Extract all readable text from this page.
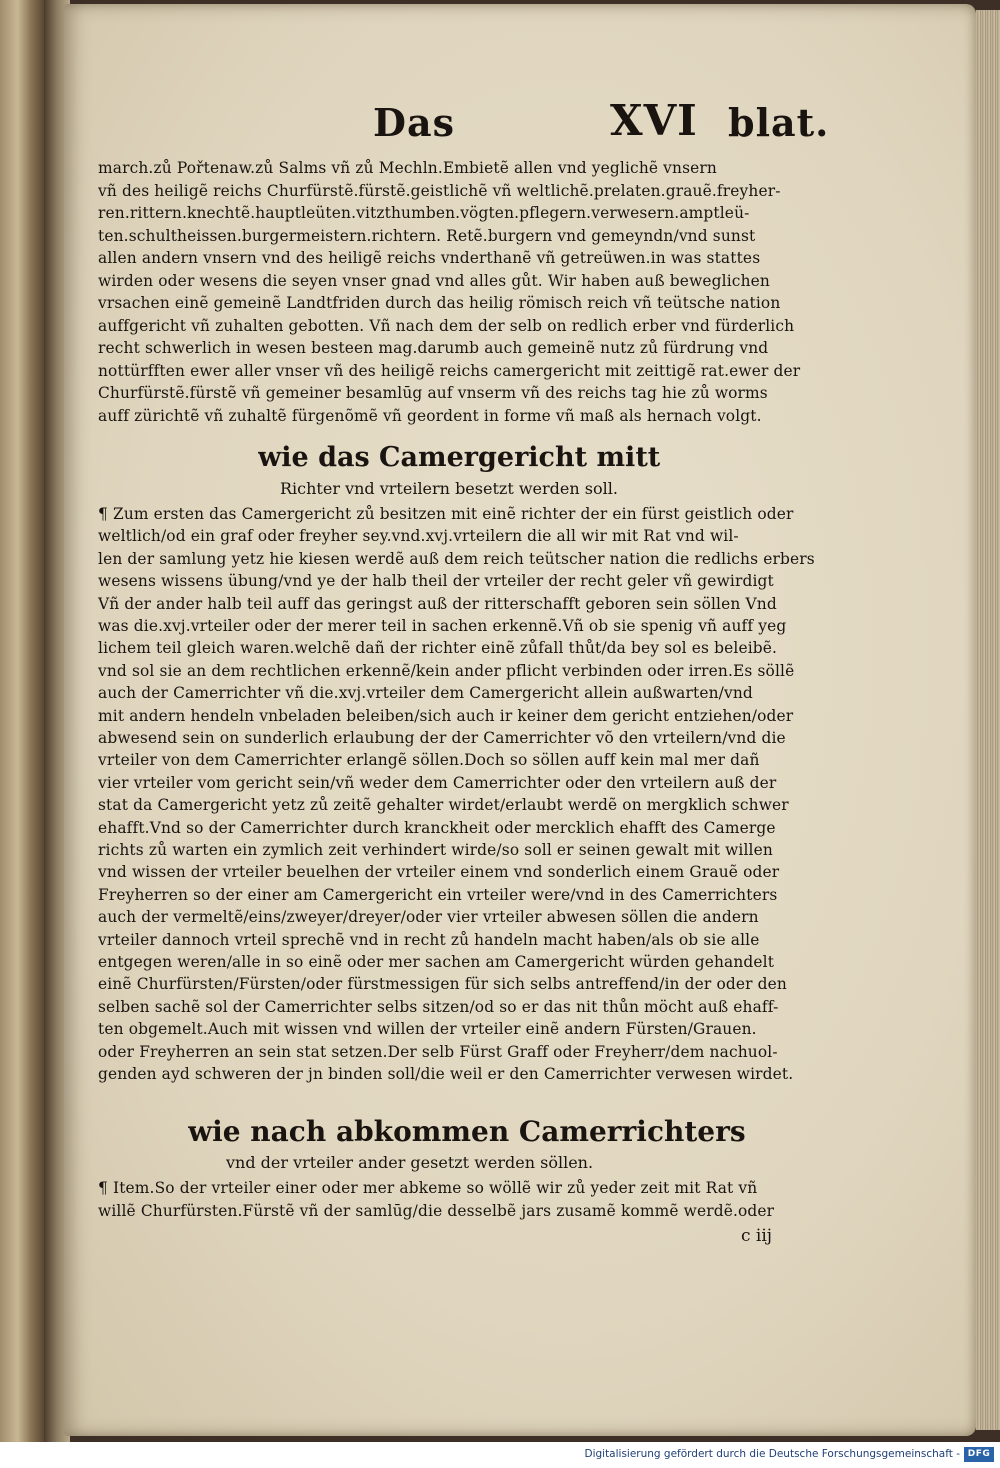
Das	XVI blat.
march.zů Pořtenaw.zů Salms vñ zů Mechln.Embietẽ allen vnd yeglichẽ vnsern
vñ des heiligẽ reichs Churfürstẽ.fürstẽ.geistlichẽ vñ weltlichẽ.prelaten.grauẽ.freyher-
ren.rittern.knechtẽ.hauptleüten.vitzthumben.vögten.pflegern.verwesern.amptleü-
ten.schultheissen.burgermeistern.richtern. Retẽ.burgern vnd gemeyndn/vnd sunst
allen andern vnsern vnd des heiligẽ reichs vnderthanẽ vñ getreüwen.in was stattes
wirden oder wesens die seyen vnser gnad vnd alles gůt. Wir haben auß beweglichen
vrsachen einẽ gemeinẽ Landtfriden durch das heilig römisch reich vñ teütsche nation
auffgericht vñ zuhalten gebotten. Vñ nach dem der selb on redlich erber vnd fürderlich
recht schwerlich in wesen besteen mag.darumb auch gemeinẽ nutz zů fürdrung vnd
nottürfften ewer aller vnser vñ des heiligẽ reichs camergericht mit zeittigẽ rat.ewer der
Churfürstẽ.fürstẽ vñ gemeiner besamlūg auf vnserm vñ des reichs tag hie zů worms
auff zürichtẽ vñ zuhaltẽ fürgenõmẽ vñ geordent in forme vñ maß als hernach volgt.
wie das Camergericht mitt
Richter vnd vrteilern besetzt werden soll.
¶ Zum ersten das Camergericht zů besitzen mit einẽ richter der ein fürst geistlich oder
weltlich/od ein graf oder freyher sey.vnd.xvj.vrteilern die all wir mit Rat vnd wil-
len der samlung yetz hie kiesen werdẽ auß dem reich teütscher nation die redlichs erbers
wesens wissens übung/vnd ye der halb theil der vrteiler der recht geler vñ gewirdigt
Vñ der ander halb teil auff das geringst auß der ritterschafft geboren sein söllen Vnd
was die.xvj.vrteiler oder der merer teil in sachen erkennẽ.Vñ ob sie spenig vñ auff yeg
lichem teil gleich waren.welchẽ dañ der richter einẽ zůfall thůt/da bey sol es beleibẽ.
vnd sol sie an dem rechtlichen erkennẽ/kein ander pflicht verbinden oder irren.Es söllẽ
auch der Camerrichter vñ die.xvj.vrteiler dem Camergericht allein außwarten/vnd
mit andern hendeln vnbeladen beleiben/sich auch ir keiner dem gericht entziehen/oder
abwesend sein on sunderlich erlaubung der der Camerrichter võ den vrteilern/vnd die
vrteiler von dem Camerrichter erlangẽ söllen.Doch so söllen auff kein mal mer dañ
vier vrteiler vom gericht sein/vñ weder dem Camerrichter oder den vrteilern auß der
stat da Camergericht yetz zů zeitẽ gehalter wirdet/erlaubt werdẽ on mergklich schwer
ehafft.Vnd so der Camerrichter durch kranckheit oder mercklich ehafft des Camerge
richts zů warten ein zymlich zeit verhindert wirde/so soll er seinen gewalt mit willen
vnd wissen der vrteiler beuelhen der vrteiler einem vnd sonderlich einem Grauẽ oder
Freyherren so der einer am Camergericht ein vrteiler were/vnd in des Camerrichters
auch der vermeltẽ/eins/zweyer/dreyer/oder vier vrteiler abwesen söllen die andern
vrteiler dannoch vrteil sprechẽ vnd in recht zů handeln macht haben/als ob sie alle
entgegen weren/alle in so einẽ oder mer sachen am Camergericht würden gehandelt
einẽ Churfürsten/Fürsten/oder fürstmessigen für sich selbs antreffend/in der oder den
selben sachẽ sol der Camerrichter selbs sitzen/od so er das nit thůn möcht auß ehaff-
ten obgemelt.Auch mit wissen vnd willen der vrteiler einẽ andern Fürsten/Grauen.
oder Freyherren an sein stat setzen.Der selb Fürst Graff oder Freyherr/dem nachuol-
genden ayd schweren der jn binden soll/die weil er den Camerrichter verwesen wirdet.
wie nach abkommen Camerrichters
vnd der vrteiler ander gesetzt werden söllen.
¶ Item.So der vrteiler einer oder mer abkeme so wöllẽ wir zů yeder zeit mit Rat vñ
willẽ Churfürsten.Fürstẽ vñ der samlūg/die desselbẽ jars zusamẽ kommẽ werdẽ.oder
c iij
Digitalisierung gefördert durch die Deutsche Forschungsgemeinschaft - DFG
